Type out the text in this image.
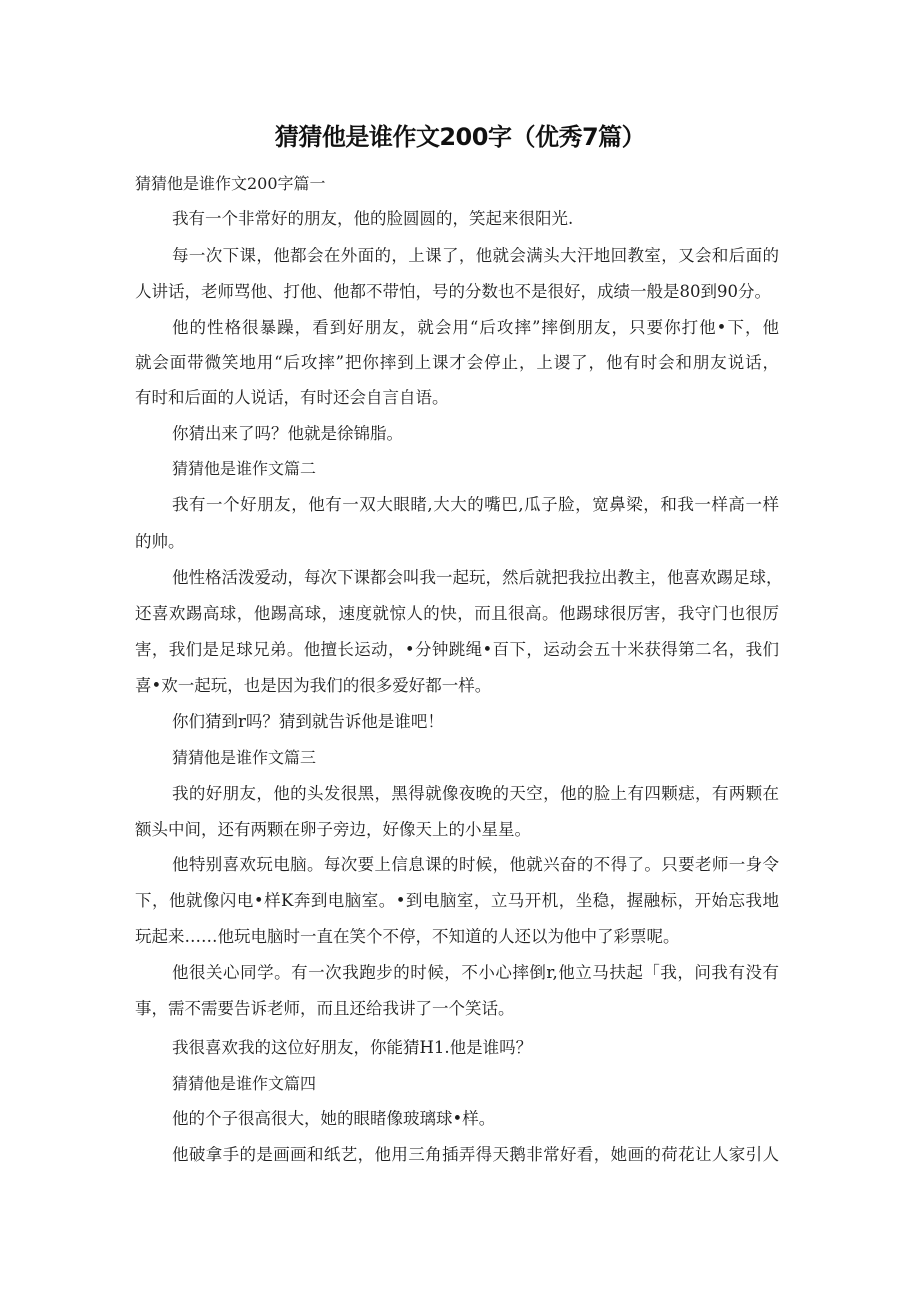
猜猜他是谁作文200字（优秀7篇）
猜猜他是谁作文200字篇一
我有一个非常好的朋友，他的脸圆圆的，笑起来很阳光.
每一次下课，他都会在外面的，上课了，他就会满头大汗地回教室，又会和后面的
人讲话，老师骂他、打他、他都不带怕，号的分数也不是很好，成绩一般是80到90分。
他的性格很暴躁，看到好朋友，就会用“后攻摔”摔倒朋友，只要你打他•下，他
就会面带微笑地用“后攻摔”把你摔到上课才会停止，上谡了，他有时会和朋友说话，
有时和后面的人说话，有时还会自言自语。
你猜出来了吗？他就是徐锦脂。
猜猜他是谁作文篇二
我有一个好朋友，他有一双大眼睹,大大的嘴巴,瓜子脸，宽鼻梁，和我一样高一样
的帅。
他性格活泼爱动，每次下课都会叫我一起玩，然后就把我拉出教主，他喜欢踢足球，
还喜欢踢高球，他踢高球，速度就惊人的快，而且很高。他踢球很厉害，我守门也很厉
害，我们是足球兄弟。他擅长运动，•分钟跳绳•百下，运动会五十米获得第二名，我们
喜•欢一起玩，也是因为我们的很多爱好都一样。
你们猜到r吗？猜到就告诉他是谁吧！
猜猜他是谁作文篇三
我的好朋友，他的头发很黑，黑得就像夜晚的天空，他的脸上有四颗痣，有两颗在
额头中间，还有两颗在卵子旁边，好像天上的小星星。
他特别喜欢玩电脑。每次要上信息课的时候，他就兴奋的不得了。只要老师一身令
下，他就像闪电•样K奔到电脑室。•到电脑室，立马开机，坐稳，握融标，开始忘我地
玩起来……他玩电脑时一直在笑个不停，不知道的人还以为他中了彩票呢。
他很关心同学。有一次我跑步的时候，不小心摔倒r,他立马扶起「我，问我有没有
事，需不需要告诉老师，而且还给我讲了一个笑话。
我很喜欢我的这位好朋友，你能猜H1.他是谁吗？
猜猜他是谁作文篇四
他的个子很高很大，她的眼睹像玻璃球•样。
他破拿手的是画画和纸艺，他用三角插弄得天鹅非常好看，她画的荷花让人家引人
